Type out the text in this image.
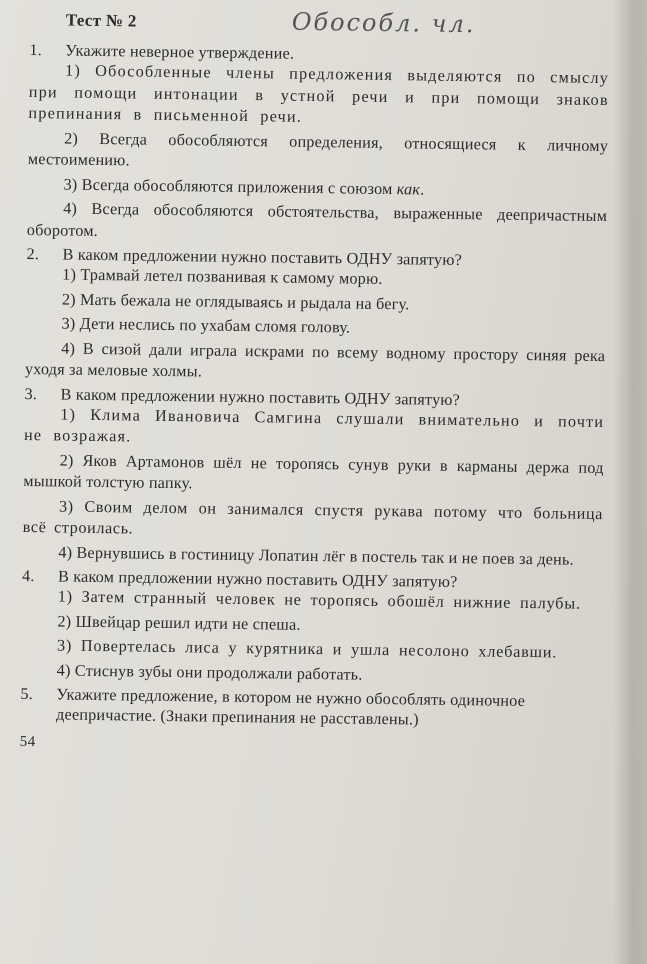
Тест № 2	Обособл. чл.
1.	Укажите неверное утверждение.
1) Обособленные члены предложения выделяются по смыслу при помощи интонации в устной речи и при помощи знаков препинания в письменной речи.
2) Всегда обособляются определения, относящиеся к личному местоимению.
3) Всегда обособляются приложения с союзом как.
4) Всегда обособляются обстоятельства, выраженные деепричастным оборотом.
2.	В каком предложении нужно поставить ОДНУ запятую?
1) Трамвай летел позванивая к самому морю.
2) Мать бежала не оглядываясь и рыдала на бегу.
3) Дети неслись по ухабам сломя голову.
4) В сизой дали играла искрами по всему водному простору синяя река уходя за меловые холмы.
3.	В каком предложении нужно поставить ОДНУ запятую?
1) Клима Ивановича Самгина слушали внимательно и почти не возражая.
2) Яков Артамонов шёл не торопясь сунув руки в карманы держа под мышкой толстую папку.
3) Своим делом он занимался спустя рукава потому что больница всё строилась.
4) Вернувшись в гостиницу Лопатин лёг в постель так и не поев за день.
4.	В каком предложении нужно поставить ОДНУ запятую?
1) Затем странный человек не торопясь обошёл нижние палубы.
2) Швейцар решил идти не спеша.
3) Повертелась лиса у курятника и ушла несолоно хлебавши.
4) Стиснув зубы они продолжали работать.
5.	Укажите предложение, в котором не нужно обособлять одиночное деепричастие. (Знаки препинания не расставлены.)
54
